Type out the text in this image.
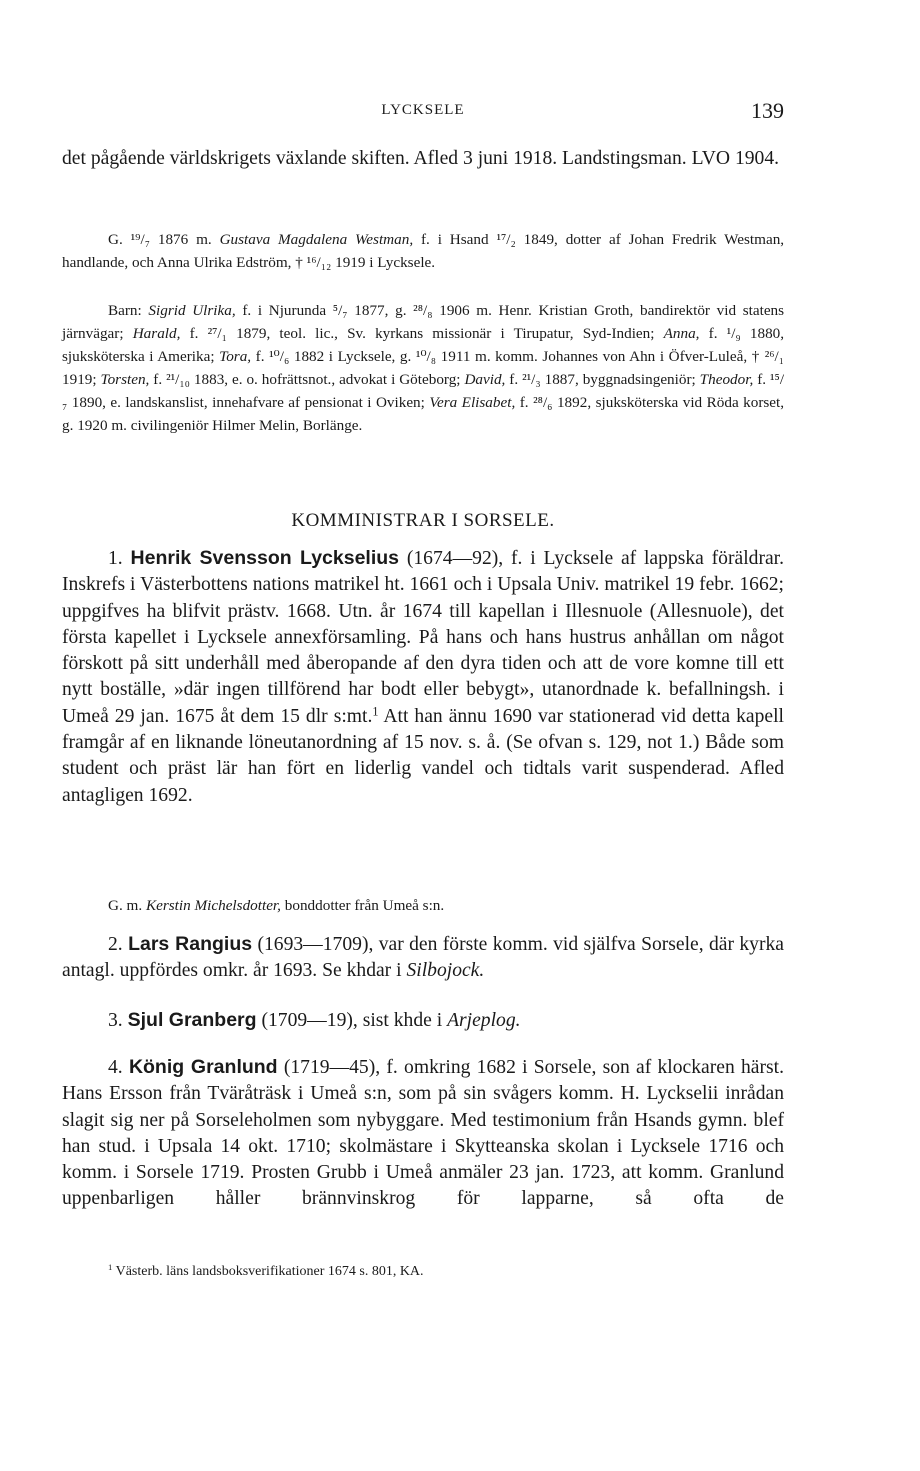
LYCKSELE	139

det pågående världskrigets växlande skiften. Afled 3 juni 1918. Landstingsman. LVO 1904.

G. ¹⁹/₇ 1876 m. Gustava Magdalena Westman, f. i Hsand ¹⁷/₂ 1849, dotter af Johan Fredrik Westman, handlande, och Anna Ulrika Edström, † ¹⁶/₁₂ 1919 i Lycksele.
Barn: Sigrid Ulrika, f. i Njurunda ⁵/₇ 1877, g. ²⁸/₈ 1906 m. Henr. Kristian Groth, bandirektör vid statens järnvägar; Harald, f. ²⁷/₁ 1879, teol. lic., Sv. kyrkans missionär i Tirupatur, Syd-Indien; Anna, f. ¹/₉ 1880, sjuksköterska i Amerika; Tora, f. ¹⁰/₆ 1882 i Lycksele, g. ¹⁰/₈ 1911 m. komm. Johannes von Ahn i Öfver-Luleå, † ²⁶/₁ 1919; Torsten, f. ²¹/₁₀ 1883, e. o. hofrättsnot., advokat i Göteborg; David, f. ²¹/₃ 1887, byggnadsingeniör; Theodor, f. ¹⁵/₇ 1890, e. landskanslist, innehafvare af pensionat i Oviken; Vera Elisabet, f. ²⁸/₆ 1892, sjuksköterska vid Röda korset, g. 1920 m. civilingeniör Hilmer Melin, Borlänge.
KOMMINISTRAR I SORSELE.
1. Henrik Svensson Lyckselius (1674—92), f. i Lycksele af lappska föräldrar. Inskrefs i Västerbottens nations matrikel ht. 1661 och i Upsala Univ. matrikel 19 febr. 1662; uppgifves ha blifvit prästv. 1668. Utn. år 1674 till kapellan i Illesnuole (Allesnuole), det första kapellet i Lycksele annexförsamling. På hans och hans hustrus anhållan om något förskott på sitt underhåll med åberopande af den dyra tiden och att de vore komne till ett nytt boställe, »där ingen tillförend har bodt eller bebygt», utanordnade k. befallningsh. i Umeå 29 jan. 1675 åt dem 15 dlr s:mt.$^1$ Att han ännu 1690 var stationerad vid detta kapell framgår af en liknande löneutanordning af 15 nov. s. å. (Se ofvan s. 129, not 1.) Både som student och präst lär han fört en liderlig vandel och tidtals varit suspenderad. Afled antagligen 1692.
G. m. Kerstin Michelsdotter, bonddotter från Umeå s:n.
2. Lars Rangius (1693—1709), var den förste komm. vid själfva Sorsele, där kyrka antagl. uppfördes omkr. år 1693. Se khdar i Silbojock.
3. Sjul Granberg (1709—19), sist khde i Arjeplog.
4. König Granlund (1719—45), f. omkring 1682 i Sorsele, son af klockaren härst. Hans Ersson från Tväråträsk i Umeå s:n, som på sin svågers komm. H. Lyckselii inrådan slagit sig ner på Sorseleholmen som nybyggare. Med testimonium från Hsands gymn. blef han stud. i Upsala 14 okt. 1710; skolmästare i Skytteanska skolan i Lycksele 1716 och komm. i Sorsele 1719. Prosten Grubb i Umeå anmäler 23 jan. 1723, att komm. Granlund uppenbarligen håller brännvinskrog för lapparne, så ofta de
$^1$ Västerb. läns landsboksverifikationer 1674 s. 801, KA.
